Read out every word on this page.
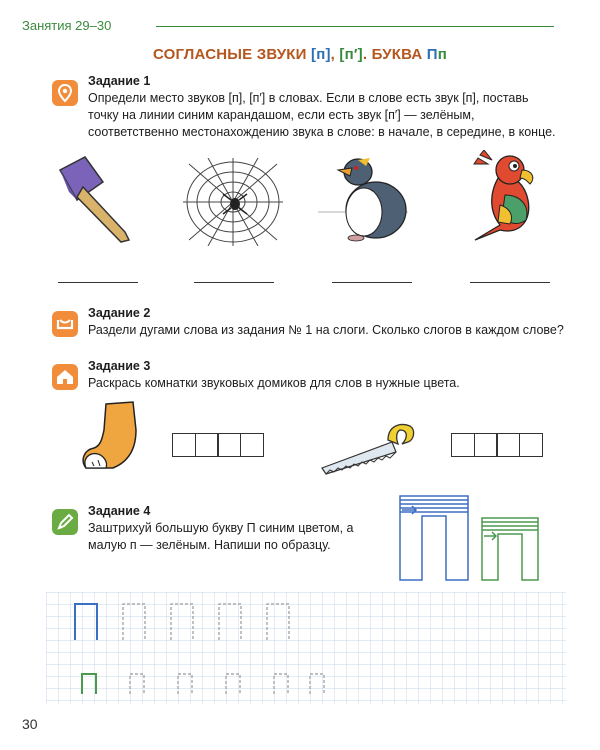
Занятия 29–30
СОГЛАСНЫЕ ЗВУКИ [п], [п′]. БУКВА Пп
Задание 1
Определи место звуков [п], [п′] в словах. Если в слове есть звук [п], поставь точку на линии синим карандашом, если есть звук [п′] — зелёным, соответственно местонахождению звука в слове: в начале, в середине, в конце.
Задание 2
Раздели дугами слова из задания № 1 на слоги. Сколько слогов в каждом слове?
Задание 3
Раскрась комнатки звуковых домиков для слов в нужные цвета.
Задание 4
Заштрихуй большую букву П синим цветом, а малую п — зелёным. Напиши по образцу.
30
